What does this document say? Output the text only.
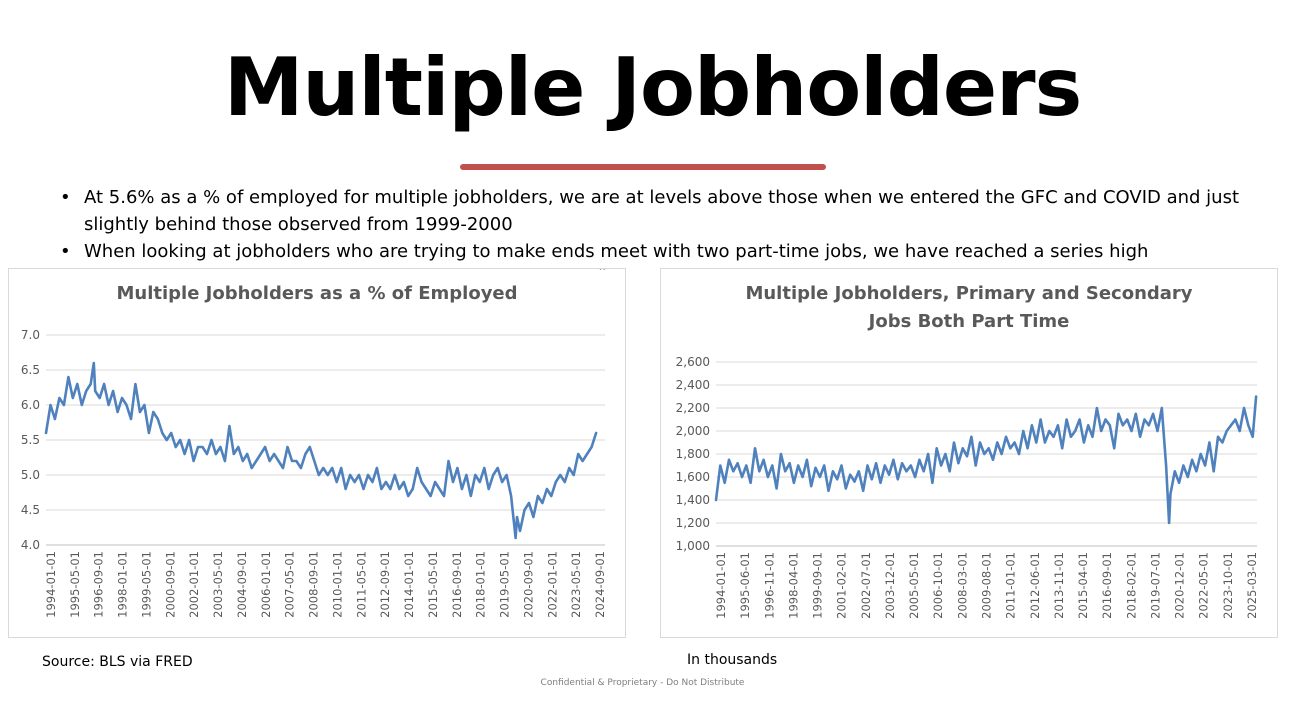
Multiple Jobholders
• At 5.6% as a % of employed for multiple jobholders, we are at levels above those when we entered the GFC and COVID and just slightly behind those observed from 1999-2000
• When looking at jobholders who are trying to make ends meet with two part-time jobs, we have reached a series high
Multiple Jobholders as a % of Employed
4.0
4.5
5.0
5.5
6.0
6.5
7.0
1994-01-01 1995-05-01 1996-09-01 1998-01-01 1999-05-01 2000-09-01 2002-01-01 2003-05-01 2004-09-01 2006-01-01 2007-05-01 2008-09-01 2010-01-01 2011-05-01 2012-09-01 2014-01-01 2015-05-01 2016-09-01 2018-01-01 2019-05-01 2020-09-01 2022-01-01 2023-05-01 2024-09-01
Multiple Jobholders, Primary and Secondary
Jobs Both Part Time
1,000
1,200
1,400
1,600
1,800
2,000
2,200
2,400
2,600
1994-01-01 1995-06-01 1996-11-01 1998-04-01 1999-09-01 2001-02-01 2002-07-01 2003-12-01 2005-05-01 2006-10-01 2008-03-01 2009-08-01 2011-01-01 2012-06-01 2013-11-01 2015-04-01 2016-09-01 2018-02-01 2019-07-01 2020-12-01 2022-05-01 2023-10-01 2025-03-01
Source: BLS via FRED	In thousands
Confidential & Proprietary - Do Not Distribute
